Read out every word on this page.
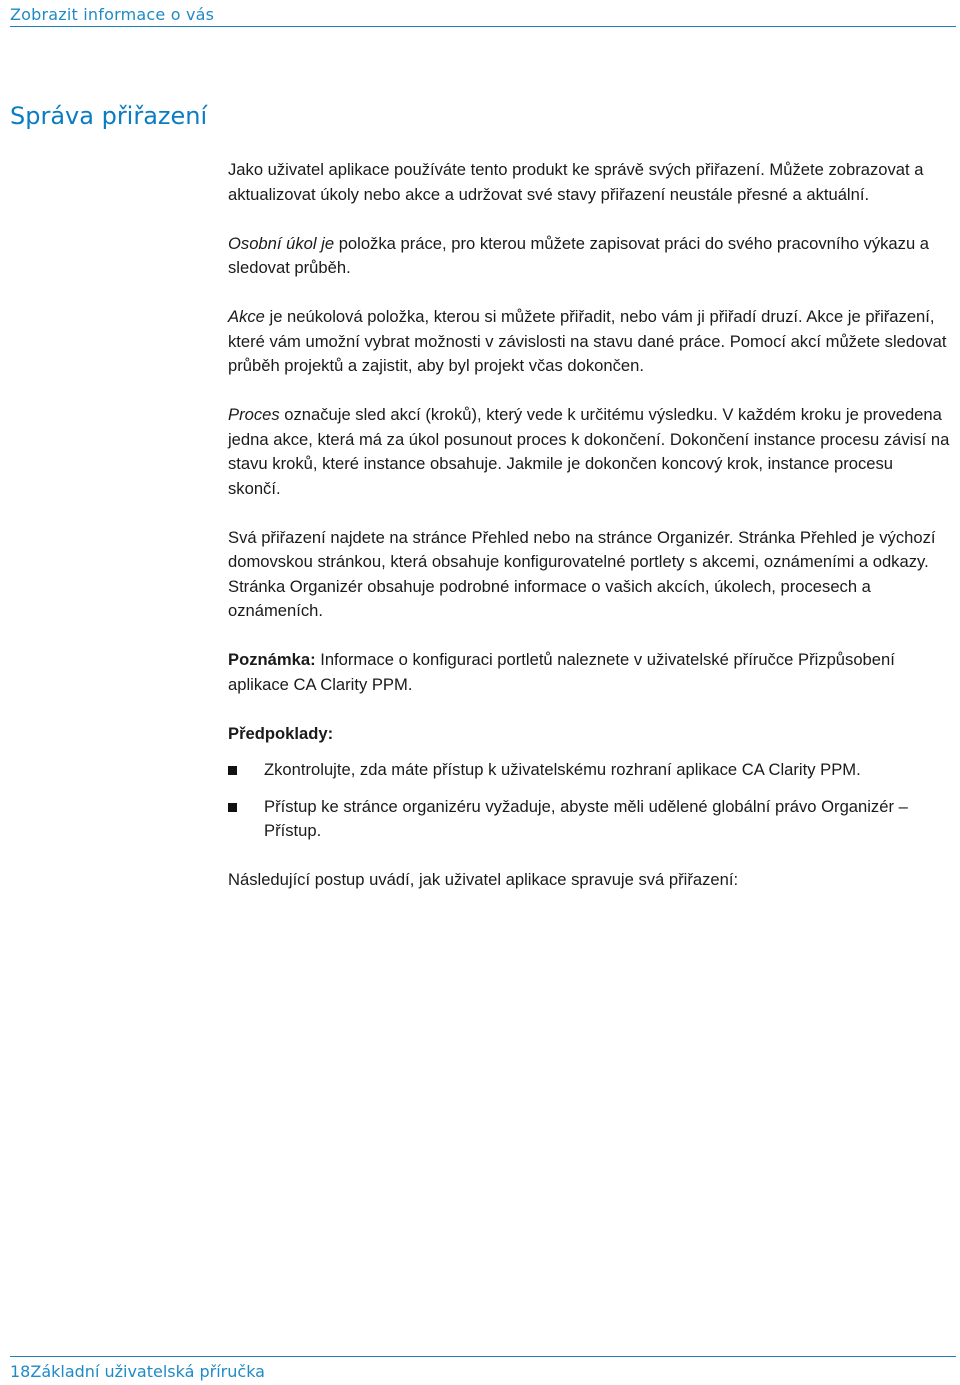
Zobrazit informace o vás
Správa přiřazení

Jako uživatel aplikace používáte tento produkt ke správě svých přiřazení. Můžete zobrazovat a aktualizovat úkoly nebo akce a udržovat své stavy přiřazení neustále přesné a aktuální.

Osobní úkol je položka práce, pro kterou můžete zapisovat práci do svého pracovního výkazu a sledovat průběh.

Akce je neúkolová položka, kterou si můžete přiřadit, nebo vám ji přiřadí druzí. Akce je přiřazení, které vám umožní vybrat možnosti v závislosti na stavu dané práce. Pomocí akcí můžete sledovat průběh projektů a zajistit, aby byl projekt včas dokončen.

Proces označuje sled akcí (kroků), který vede k určitému výsledku. V každém kroku je provedena jedna akce, která má za úkol posunout proces k dokončení. Dokončení instance procesu závisí na stavu kroků, které instance obsahuje. Jakmile je dokončen koncový krok, instance procesu skončí.

Svá přiřazení najdete na stránce Přehled nebo na stránce Organizér. Stránka Přehled je výchozí domovskou stránkou, která obsahuje konfigurovatelné portlety s akcemi, oznámeními a odkazy. Stránka Organizér obsahuje podrobné informace o vašich akcích, úkolech, procesech a oznámeních.

Poznámka: Informace o konfiguraci portletů naleznete v uživatelské příručce Přizpůsobení aplikace CA Clarity PPM.

Předpoklady:

Zkontrolujte, zda máte přístup k uživatelskému rozhraní aplikace CA Clarity PPM.
Přístup ke stránce organizéru vyžaduje, abyste měli udělené globální právo Organizér – Přístup.

Následující postup uvádí, jak uživatel aplikace spravuje svá přiřazení:

18Základní uživatelská příručka
